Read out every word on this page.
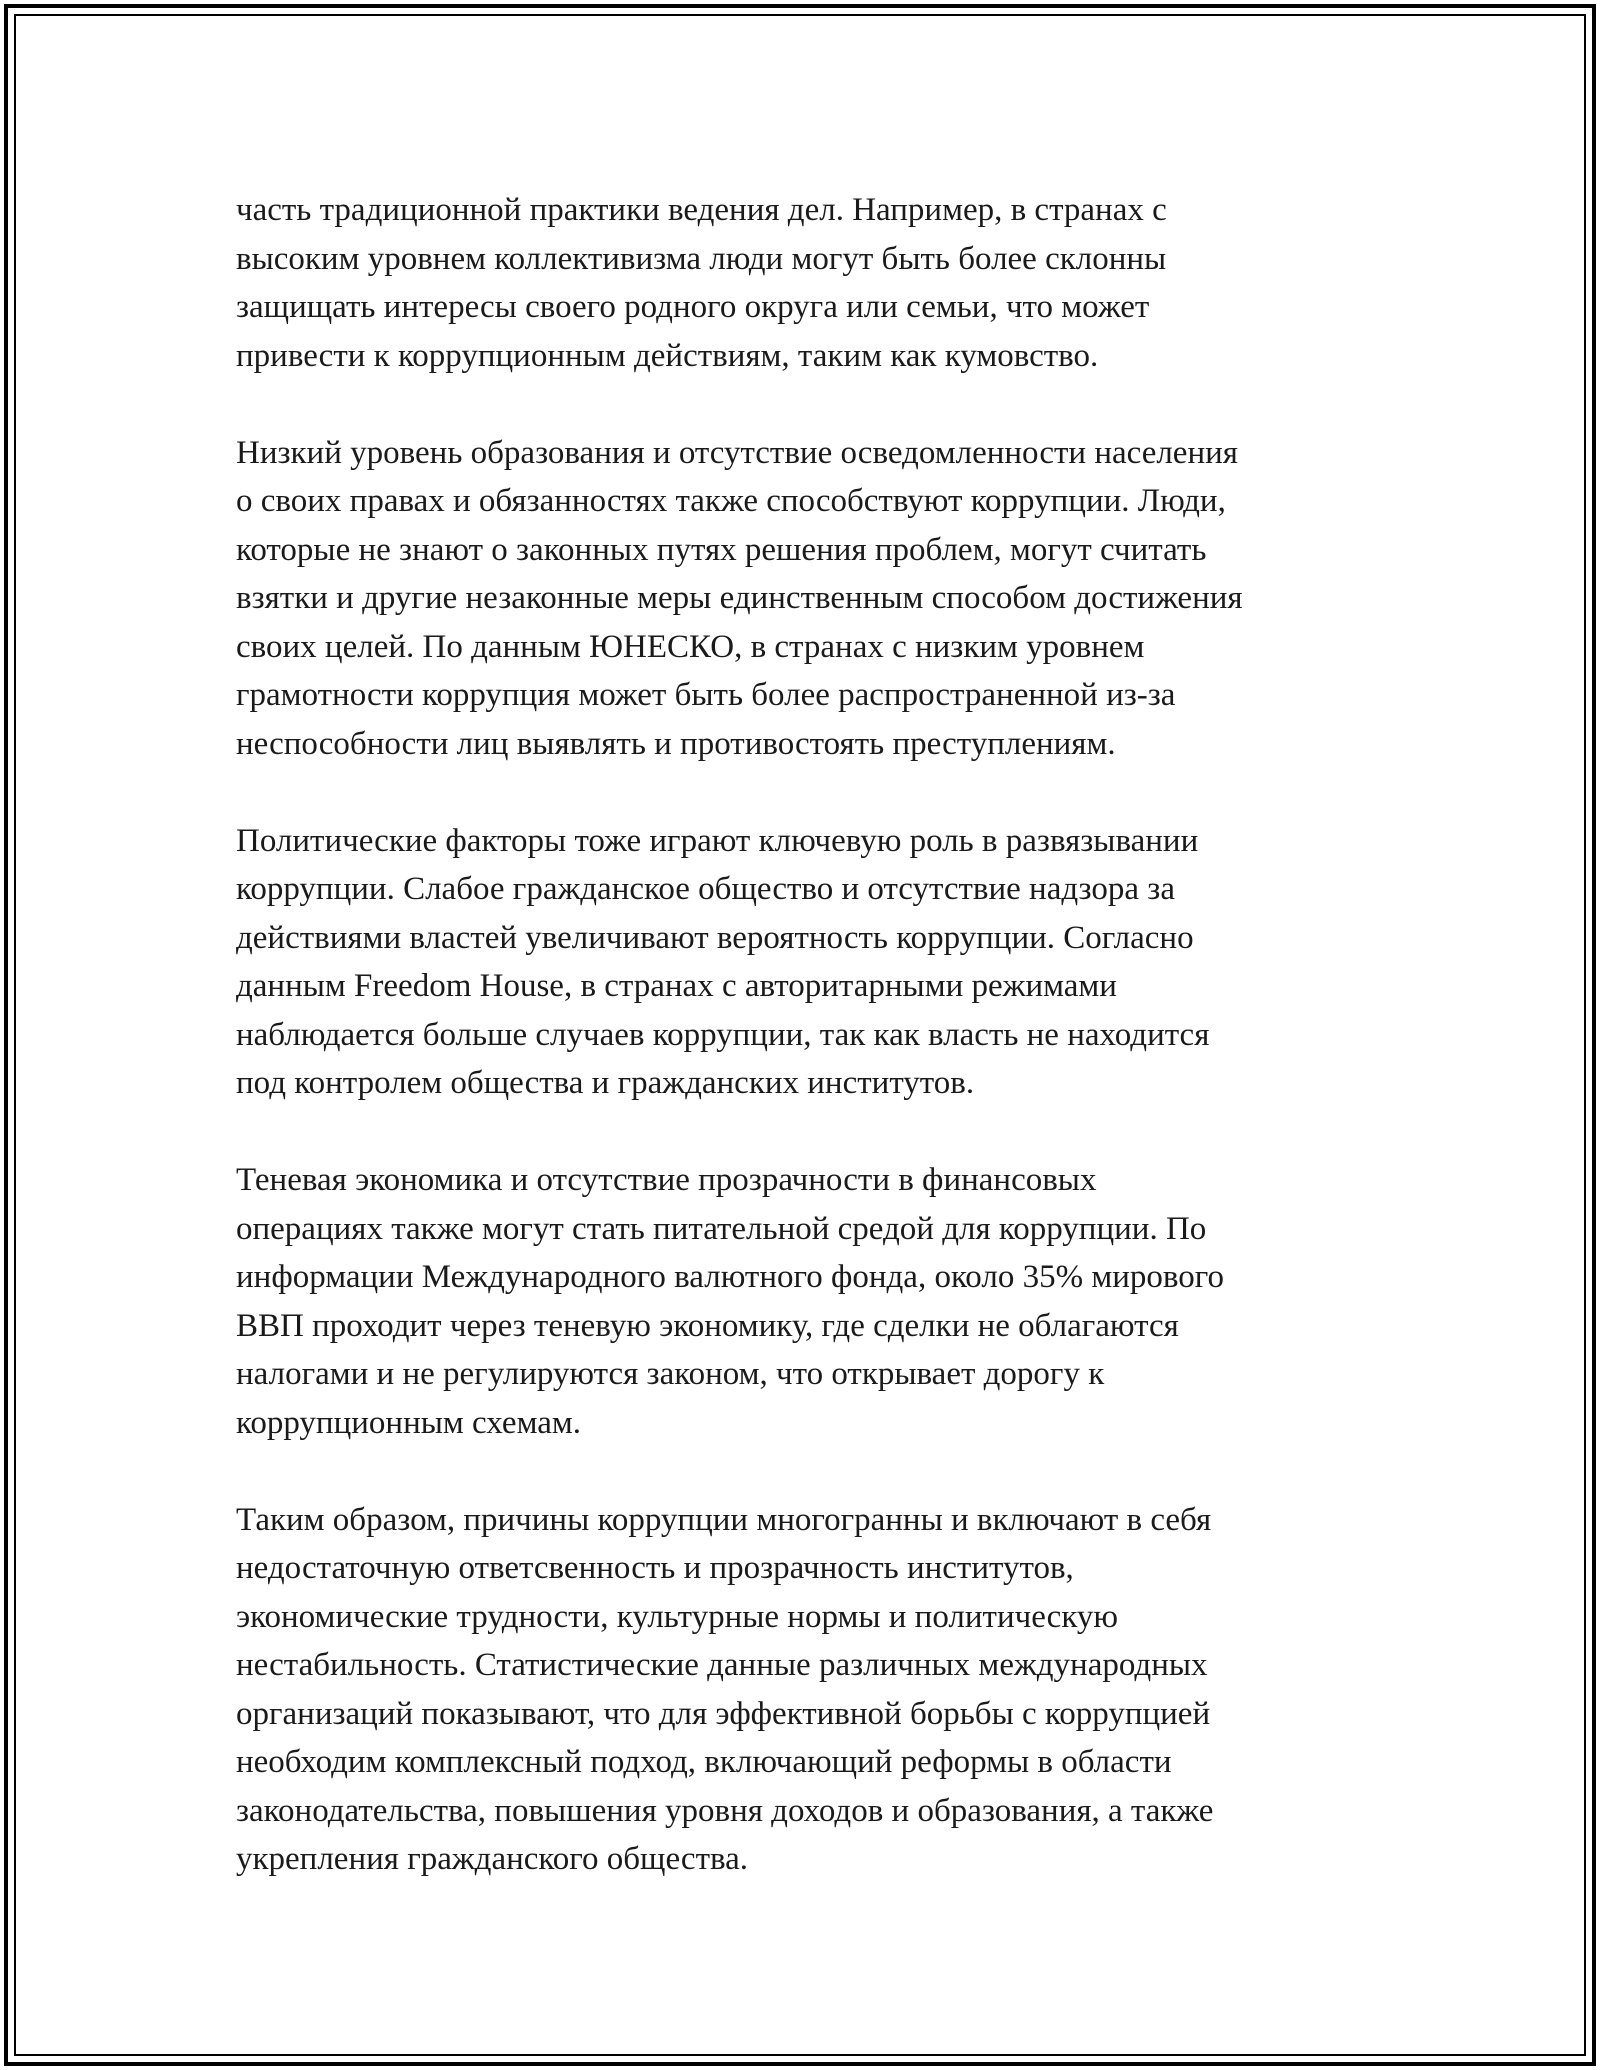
часть традиционной практики ведения дел. Например, в странах с
высоким уровнем коллективизма люди могут быть более склонны
защищать интересы своего родного округа или семьи, что может
привести к коррупционным действиям, таким как кумовство.

Низкий уровень образования и отсутствие осведомленности населения
о своих правах и обязанностях также способствуют коррупции. Люди,
которые не знают о законных путях решения проблем, могут считать
взятки и другие незаконные меры единственным способом достижения
своих целей. По данным ЮНЕСКО, в странах с низким уровнем
грамотности коррупция может быть более распространенной из-за
неспособности лиц выявлять и противостоять преступлениям.

Политические факторы тоже играют ключевую роль в развязывании
коррупции. Слабое гражданское общество и отсутствие надзора за
действиями властей увеличивают вероятность коррупции. Согласно
данным Freedom House, в странах с авторитарными режимами
наблюдается больше случаев коррупции, так как власть не находится
под контролем общества и гражданских институтов.

Теневая экономика и отсутствие прозрачности в финансовых
операциях также могут стать питательной средой для коррупции. По
информации Международного валютного фонда, около 35% мирового
ВВП проходит через теневую экономику, где сделки не облагаются
налогами и не регулируются законом, что открывает дорогу к
коррупционным схемам.

Таким образом, причины коррупции многогранны и включают в себя
недостаточную ответсвенность и прозрачность институтов,
экономические трудности, культурные нормы и политическую
нестабильность. Статистические данные различных международных
организаций показывают, что для эффективной борьбы с коррупцией
необходим комплексный подход, включающий реформы в области
законодательства, повышения уровня доходов и образования, а также
укрепления гражданского общества.
